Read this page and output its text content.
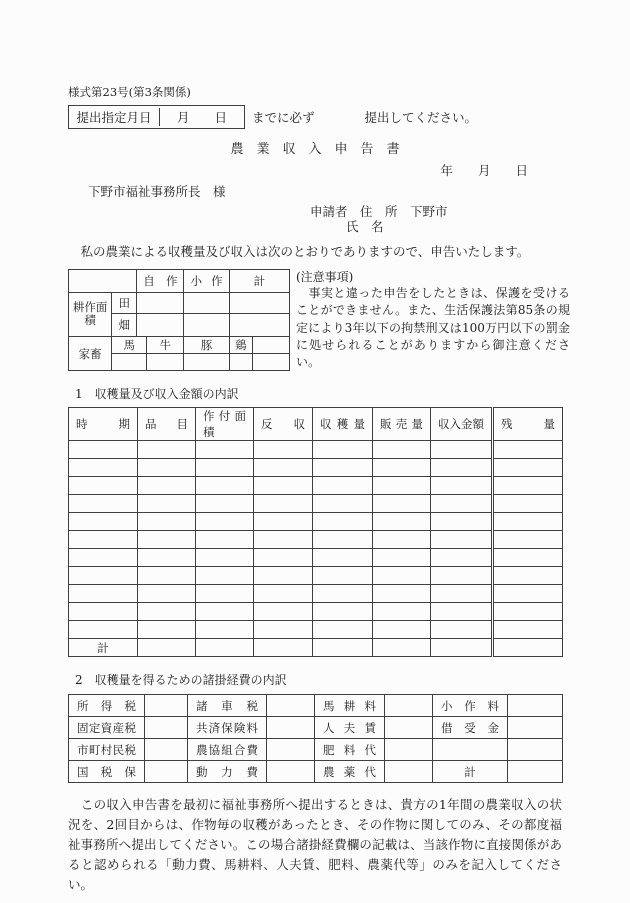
様式第23号(第3条関係)
提出指定月日	月　　日	までに必ず　　　　提出してください。
農　業　収　入　申　告　書
年　　月　　日
下野市福祉事務所長　様
申請者　住　所　下野市
氏　名
　私の農業による収穫量及び収入は次のとおりでありますので、申告いたします。
		自作		小作	計	
耕作面積	田					
	畑					
家畜	馬		牛	豚	鶏	

(注意事項)
　事実と違った申告をしたときは、保護を受けることができません。また、生活保護法第85条の規定により3年以下の拘禁刑又は100万円以下の罰金に処せられることがありますから御注意ください。
1　収穫量及び収入金額の内訳
時期	品目	作付面積	反収	収穫量	販売量	収入金額	残量

計							
2　収穫量を得るための諸掛経費の内訳
所得税		諸車税		馬耕料		小作料	
固定資産税		共済保険料		人夫賃		借受金	
市町村民税		農協組合費		肥料代			
国税保		動力費		農薬代		計	
　この収入申告書を最初に福祉事務所へ提出するときは、貴方の1年間の農業収入の状況を、2回目からは、作物毎の収穫があったとき、その作物に関してのみ、その都度福祉事務所へ提出してください。この場合諸掛経費欄の記載は、当該作物に直接関係があると認められる「動力費、馬耕料、人夫賃、肥料、農薬代等」のみを記入してください。
